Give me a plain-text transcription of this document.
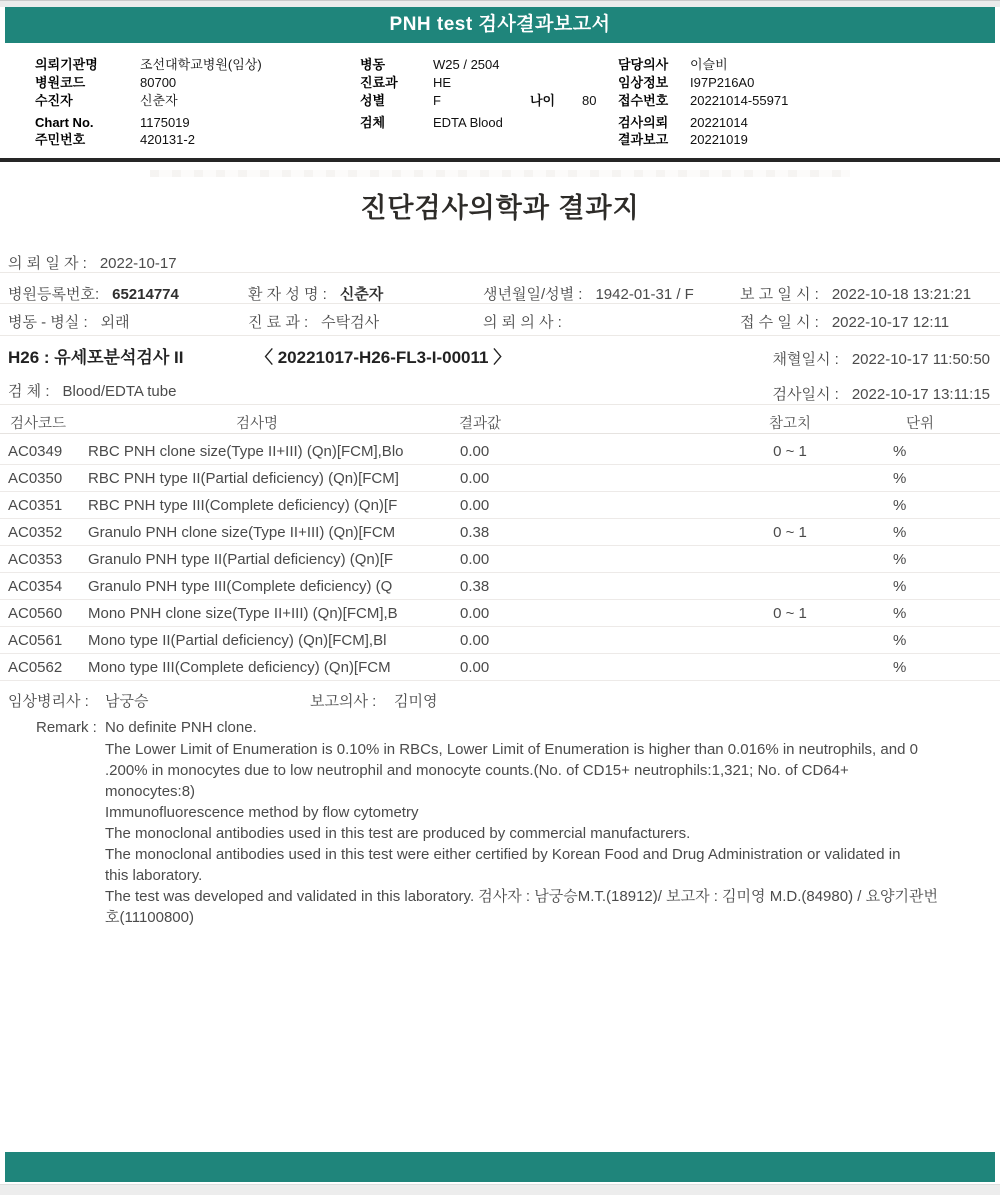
PNH test 검사결과보고서
의뢰기관명	조선대학교병원(임상)
병원코드	80700
수진자	신춘자
Chart No.	1175019
주민번호	420131-2
병동	W25 / 2504
진료과	HE
성별	F	나이 80
검체	EDTA Blood
담당의사 이슬비
임상정보 I97P216A0
접수번호 20221014-55971
검사의뢰 20221014
결과보고 20221019
진단검사의학과 결과지
의 뢰 일 자 : 2022-10-17
병원등록번호: 65214774	환 자 성 명 : 신춘자	생년월일/성별 : 1942-01-31 / F	보 고 일 시 : 2022-10-18 13:21:21
병동 - 병실 : 외래	진 료 과 : 수탁검사	의 뢰 의 사 :	접 수 일 시 : 2022-10-17 12:11
H26 : 유세포분석검사 II	〈 20221017-H26-FL3-I-00011 〉	채혈일시 : 2022-10-17 11:50:50
검 체 : Blood/EDTA tube	검사일시 : 2022-10-17 13:11:15
검사코드	검사명	결과값	참고치	단위
AC0349 RBC PNH clone size(Type II+III) (Qn)[FCM],Blo	0.00	0 ~ 1	%
AC0350 RBC PNH type II(Partial deficiency) (Qn)[FCM]	0.00	%
AC0351 RBC PNH type III(Complete deficiency) (Qn)[F	0.00	%
AC0352 Granulo PNH clone size(Type II+III) (Qn)[FCM	0.38	0 ~ 1	%
AC0353 Granulo PNH type II(Partial deficiency) (Qn)[F	0.00	%
AC0354 Granulo PNH type III(Complete deficiency) (Q	0.38	%
AC0560 Mono PNH clone size(Type II+III) (Qn)[FCM],B	0.00	0 ~ 1	%
AC0561 Mono type II(Partial deficiency) (Qn)[FCM],Bl	0.00	%
AC0562 Mono type III(Complete deficiency) (Qn)[FCM	0.00	%
임상병리사 : 남궁승	보고의사 : 김미영
Remark : No definite PNH clone.
The Lower Limit of Enumeration is 0.10% in RBCs, Lower Limit of Enumeration is higher than 0.016% in neutrophils, and 0
.200% in monocytes due to low neutrophil and monocyte counts.(No. of CD15+ neutrophils:1,321; No. of CD64+
monocytes:8)
Immunofluorescence method by flow cytometry
The monoclonal antibodies used in this test are produced by commercial manufacturers.
The monoclonal antibodies used in this test were either certified by Korean Food and Drug Administration or validated in
this laboratory.
The test was developed and validated in this laboratory. 검사자 : 남궁승M.T.(18912)/ 보고자 : 김미영 M.D.(84980) / 요양기관번
호(11100800)
